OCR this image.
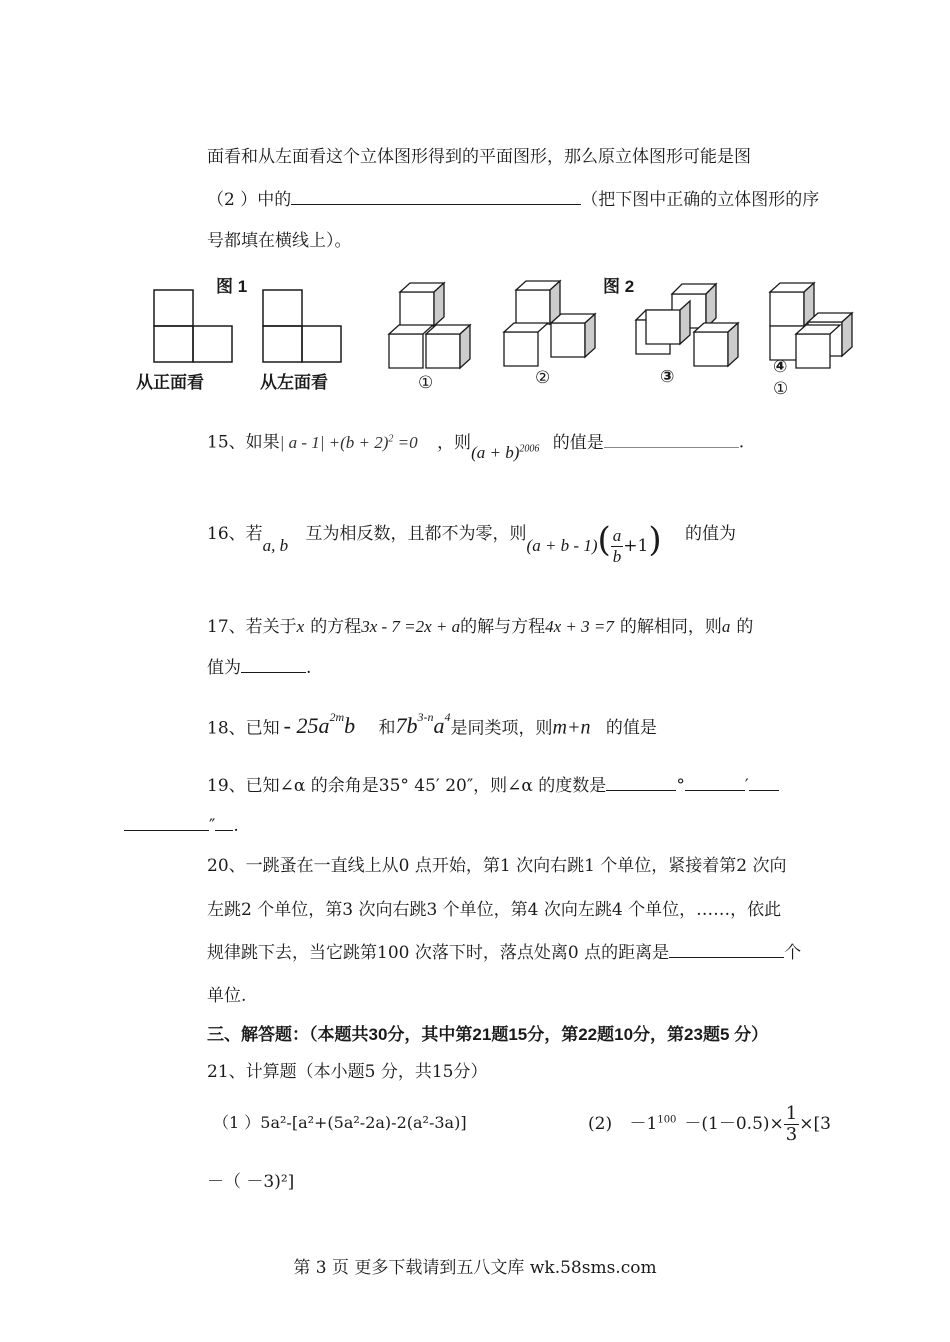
面看和从左面看这个立体图形得到的平面图形，那么原立体图形可能是图
（2 ）中的	（把下图中正确的立体图形的序
号都填在横线上）。
图 1	图 2
从正面看	从左面看	①	②	③
④
①
15、如果| $a - 1| +(b + 2)^2 =0$ ，则$(a + b)^{2006}$ 的值是	.
16、若a, b 互为相反数，且都不为零，则$(a + b - 1)( \frac{a}{b} +1)$ 的值为
17、若关于x 的方程3x - 7 =2x + a的解与方程4x + 3 =7 的解相同，则a 的
值为	.
18、已知 - $25a^{2m}b$ 和$7b^{3-n}a^4$是同类项，则m+n 的值是
19、已知∠α 的余角是35° 45′ 20″，则∠α 的度数是	°	′
″ .
20、一跳蚤在一直线上从0 点开始，第1 次向右跳1 个单位，紧接着第2 次向
左跳2 个单位，第3 次向右跳3 个单位，第4 次向左跳4 个单位，……，依此
规律跳下去，当它跳第100 次落下时，落点处离0 点的距离是	个
单位.
三、解答题：（本题共30分，其中第21题15分，第22题10分，第23题5 分）
21、计算题（本小题5 分，共15分）
（1 ）5a²-[a²+(5a²-2a)-2(a²-3a)]	$(2) -1^{100} -(1-0.5)\times \frac{1}{3} \times[3$
－（ －3)²]
第 3 页 更多下载请到五八文库 wk.58sms.com
